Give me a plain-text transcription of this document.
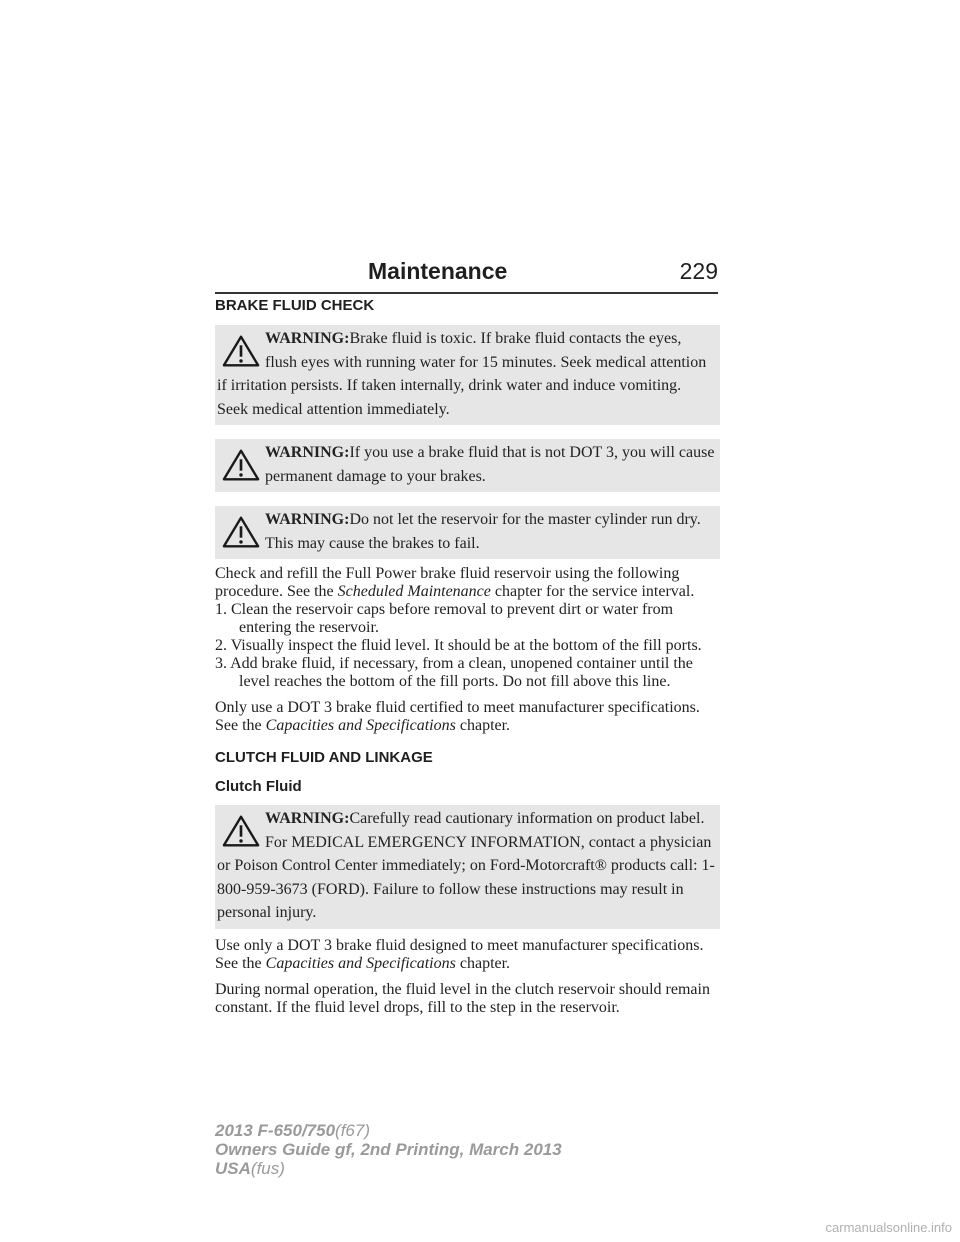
Maintenance	229
BRAKE FLUID CHECK
WARNING:Brake fluid is toxic. If brake fluid contacts the eyes, flush eyes with running water for 15 minutes. Seek medical attention if irritation persists. If taken internally, drink water and induce vomiting. Seek medical attention immediately.
WARNING:If you use a brake fluid that is not DOT 3, you will cause permanent damage to your brakes.
WARNING:Do not let the reservoir for the master cylinder run dry. This may cause the brakes to fail.

Check and refill the Full Power brake fluid reservoir using the following procedure. See the Scheduled Maintenance chapter for the service interval.

1. Clean the reservoir caps before removal to prevent dirt or water from entering the reservoir.
2. Visually inspect the fluid level. It should be at the bottom of the fill ports.
3. Add brake fluid, if necessary, from a clean, unopened container until the level reaches the bottom of the fill ports. Do not fill above this line.

Only use a DOT 3 brake fluid certified to meet manufacturer specifications. See the Capacities and Specifications chapter.

CLUTCH FLUID AND LINKAGE
Clutch Fluid
WARNING:Carefully read cautionary information on product label. For MEDICAL EMERGENCY INFORMATION, contact a physician or Poison Control Center immediately; on Ford-Motorcraft® products call: 1-800-959-3673 (FORD). Failure to follow these instructions may result in personal injury.

Use only a DOT 3 brake fluid designed to meet manufacturer specifications. See the Capacities and Specifications chapter.

During normal operation, the fluid level in the clutch reservoir should remain constant. If the fluid level drops, fill to the step in the reservoir.

2013 F-650/750(f67)
Owners Guide gf, 2nd Printing, March 2013
USA(fus)
carmanualsonline.info
